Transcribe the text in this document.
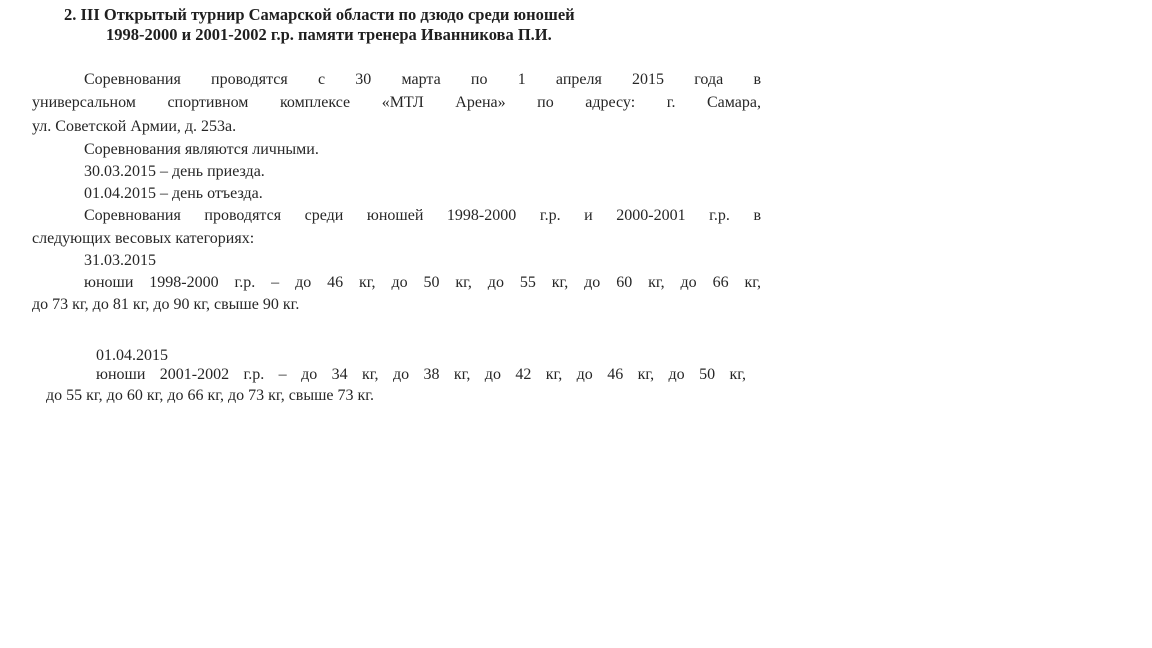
2. III Открытый турнир Самарской области по дзюдо среди юношей

1998-2000 и 2001-2002 г.р. памяти тренера Иванникова П.И.

Соревнования проводятся с 30 марта по 1 апреля 2015 года в

универсальном спортивном комплексе «МТЛ Арена» по адресу: г. Самара,

ул. Советской Армии, д. 253а.

Соревнования являются личными.

30.03.2015 – день приезда.

01.04.2015 – день отъезда.

Соревнования проводятся среди юношей 1998-2000 г.р. и 2000-2001 г.р. в

следующих весовых категориях:

31.03.2015

юноши 1998-2000 г.р. – до 46 кг, до 50 кг, до 55 кг, до 60 кг, до 66 кг,

до 73 кг, до 81 кг, до 90 кг, свыше 90 кг.

01.04.2015

юноши 2001-2002 г.р. – до 34 кг, до 38 кг, до 42 кг, до 46 кг, до 50 кг,

до 55 кг, до 60 кг, до 66 кг, до 73 кг, свыше 73 кг.
